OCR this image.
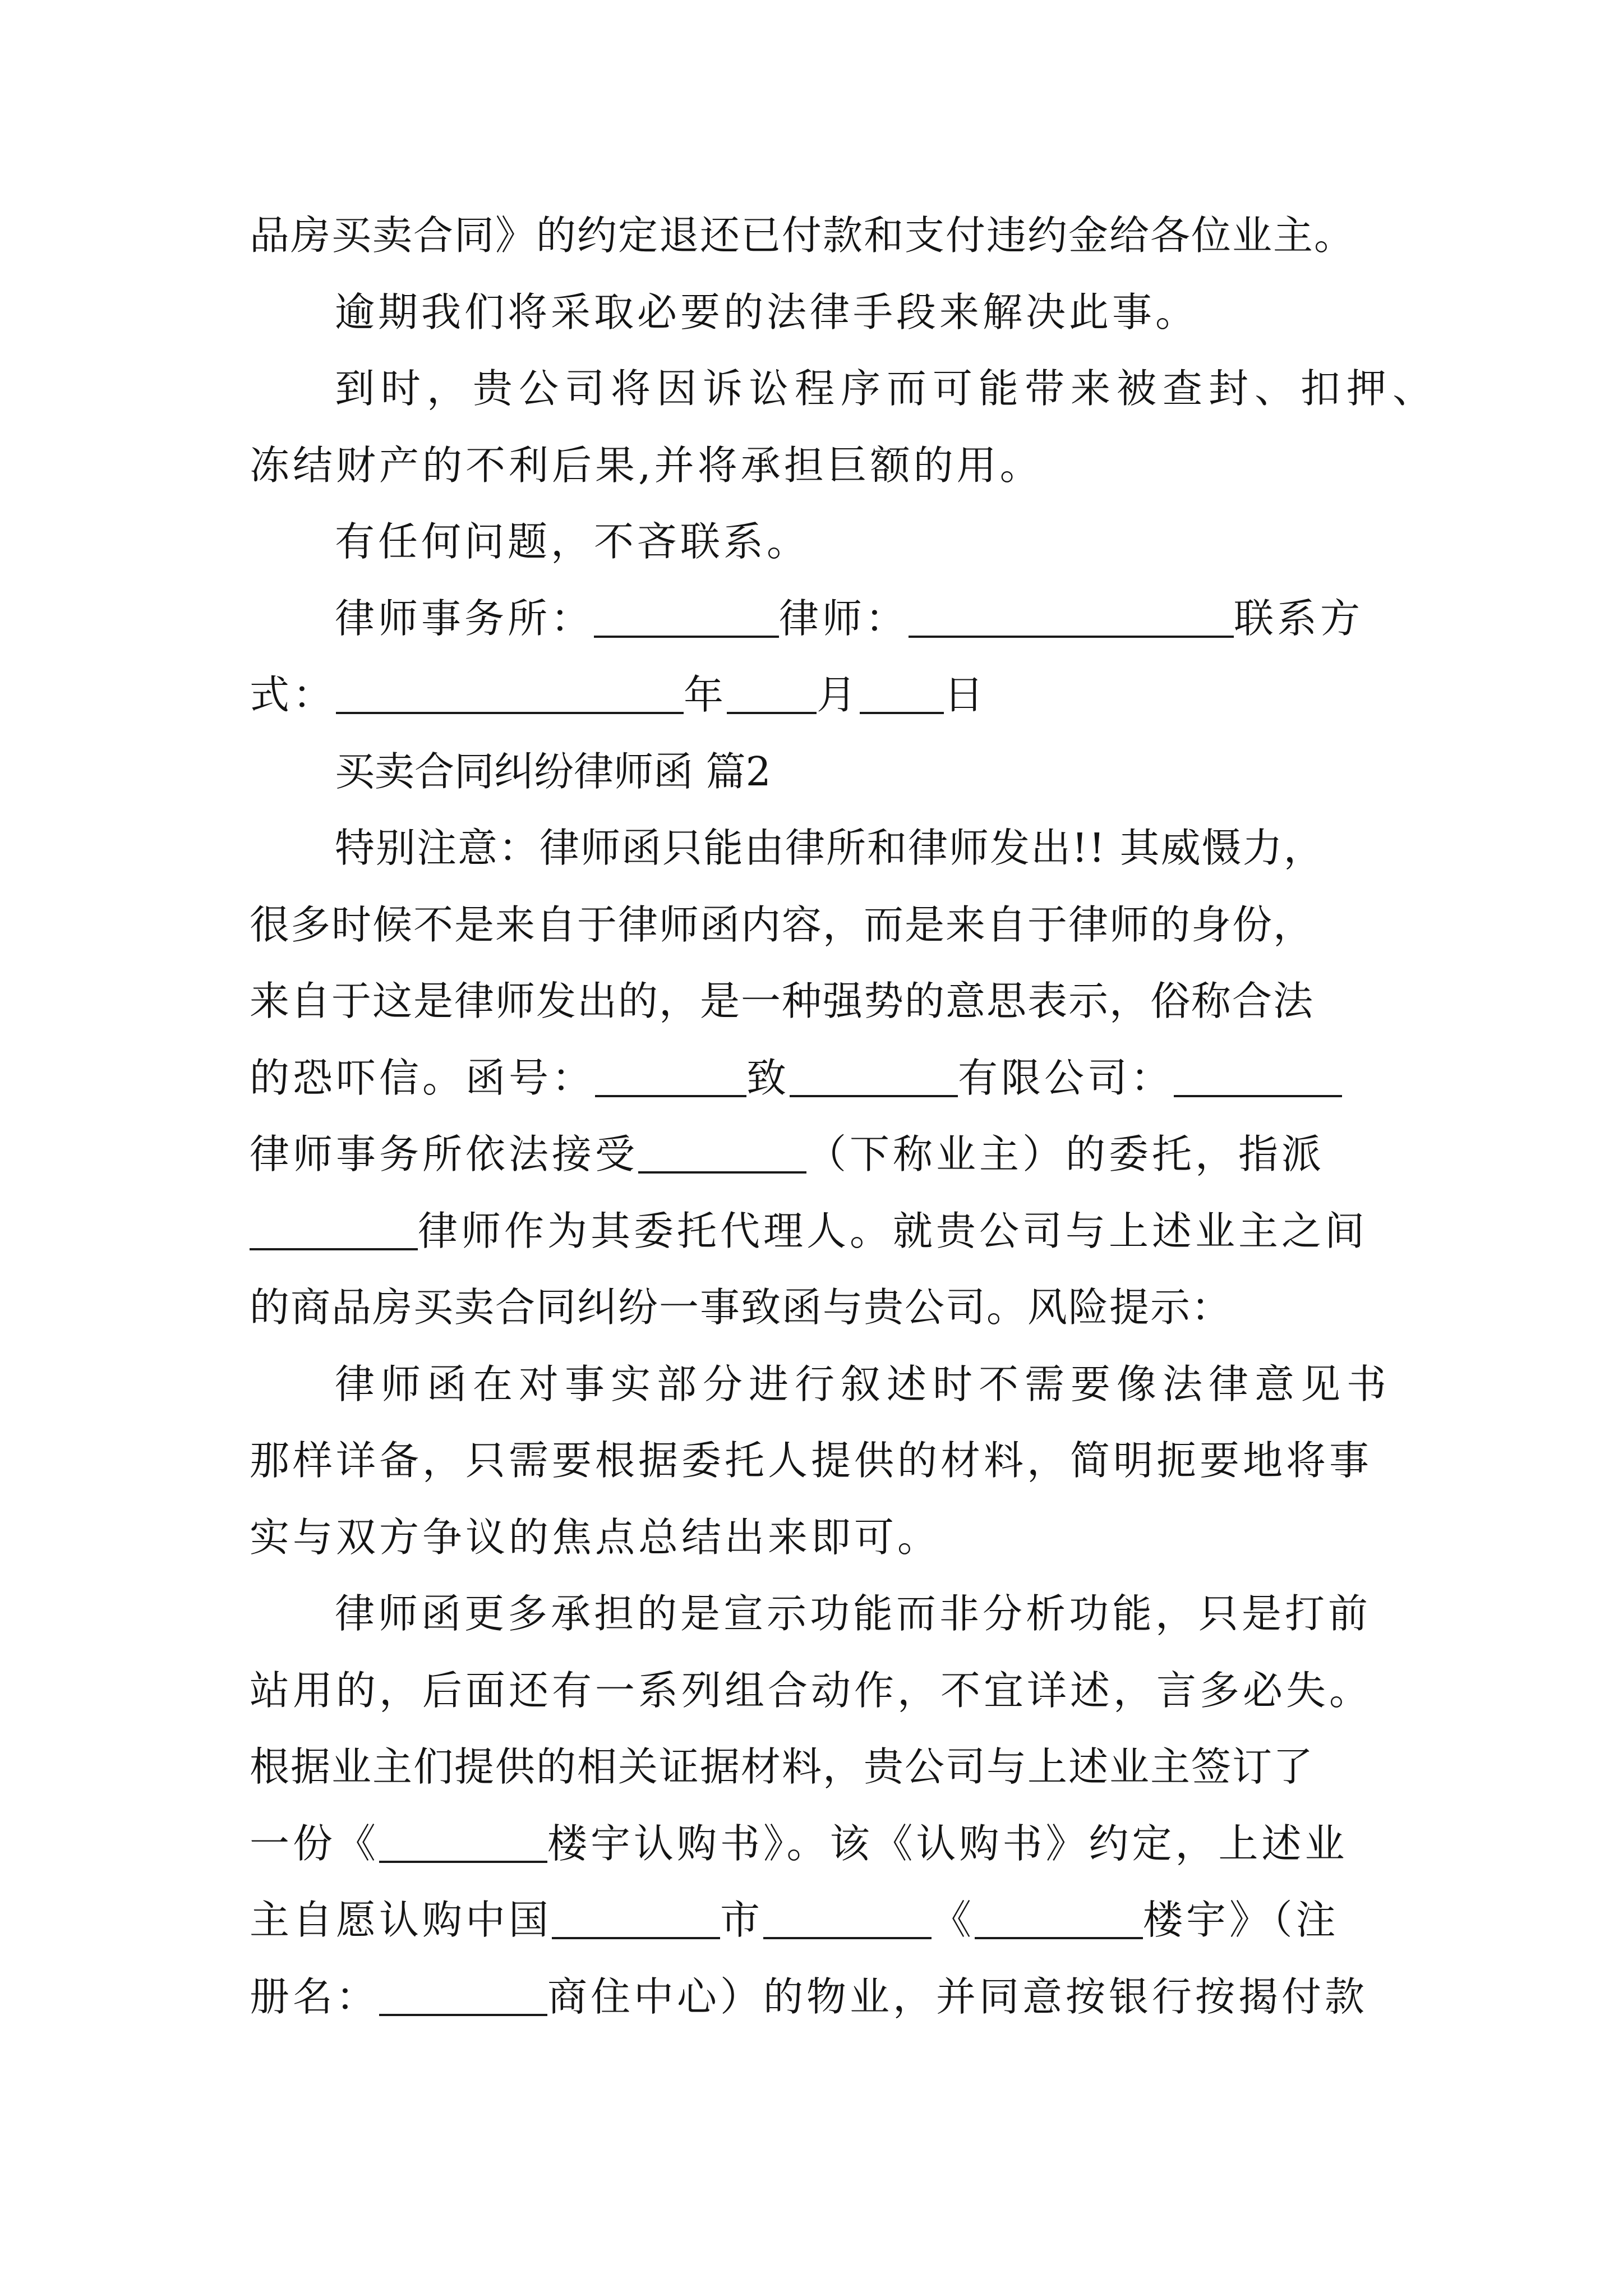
品房买卖合同》的约定退还已付款和支付违约金给各位业主。
逾期我们将采取必要的法律手段来解决此事。
到时，贵公司将因诉讼程序而可能带来被查封、扣押、
冻结财产的不利后果,并将承担巨额的用。
有任何问题，不吝联系。
律师事务所：	律师：	联系方
式：	年 月 日
买卖合同纠纷律师函 篇2
特别注意：律师函只能由律所和律师发出!! 其威慑力，
很多时候不是来自于律师函内容，而是来自于律师的身份，
来自于这是律师发出的，是一种强势的意思表示，俗称合法
的恐吓信。函号：	致	有限公司：
律师事务所依法接受	（下称业主）的委托，指派
律师作为其委托代理人。就贵公司与上述业主之间
的商品房买卖合同纠纷一事致函与贵公司。风险提示：
律师函在对事实部分进行叙述时不需要像法律意见书
那样详备，只需要根据委托人提供的材料，简明扼要地将事
实与双方争议的焦点总结出来即可。
律师函更多承担的是宣示功能而非分析功能，只是打前
站用的，后面还有一系列组合动作，不宜详述，言多必失。
根据业主们提供的相关证据材料，贵公司与上述业主签订了
一份《	楼宇认购书》。该《认购书》约定，上述业
主自愿认购中国	市	《	楼宇》（注
册名：	商住中心）的物业，并同意按银行按揭付款
